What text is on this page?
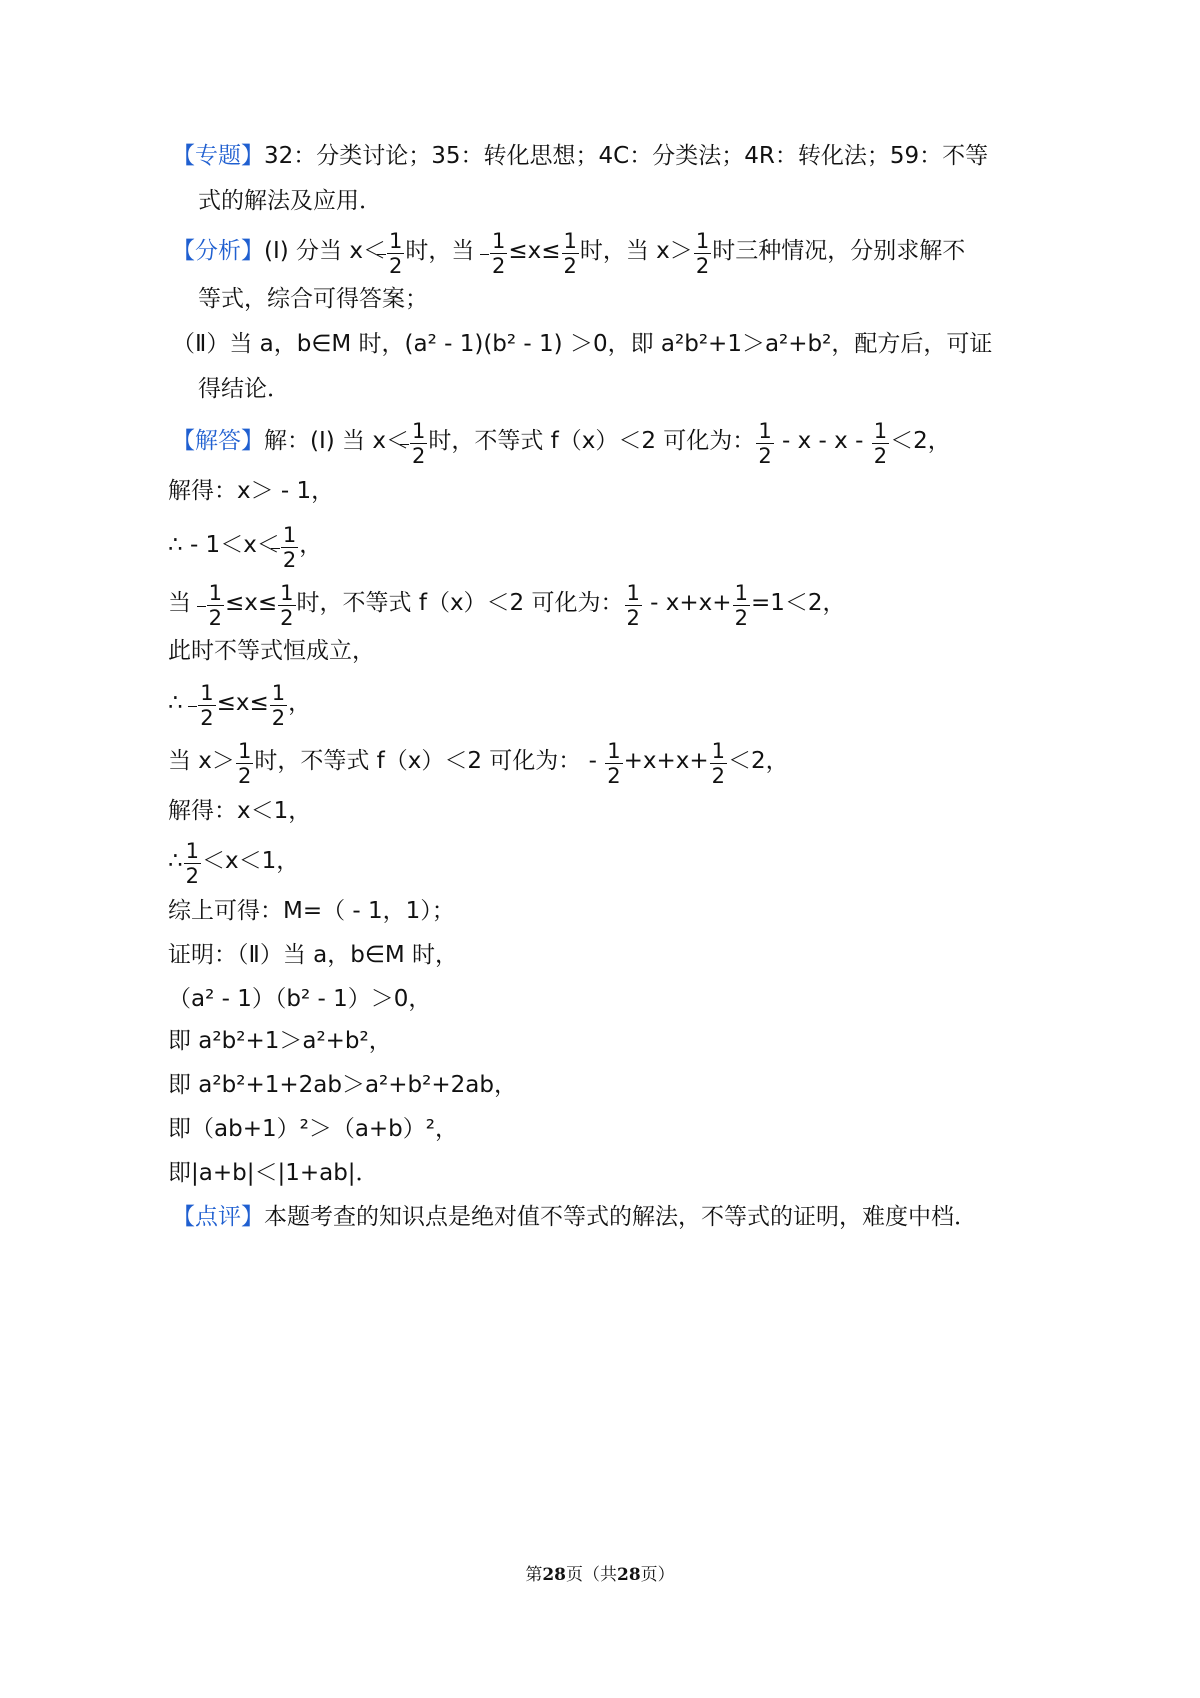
【专题】32：分类讨论；35：转化思想；4C：分类法；4R：转化法；59：不等
式的解法及应用．
【分析】(Ⅰ) 分当 $x< \frac{1}{2}$ 时，当 $\frac{1}{2} \le x\le \frac{1}{2}$ 时，当 $x> \frac{1}{2}$ 时三种情况，分别求解不
等式，综合可得答案；
（Ⅱ）当 a，b∈M 时，(a² - 1)(b² - 1) ＞0，即 a²b²+1＞a²+b²，配方后，可证
得结论．
【解答】解：(Ⅰ) 当 $x< \frac{1}{2}$ 时，不等式 f（x）＜2 可化为： $\frac{1}{2} - x - x - \frac{1}{2} <2$，
解得：x＞ - 1，
∴ - $1<x< \frac{1}{2}$ ，
当 $\frac{1}{2} \le x\le \frac{1}{2}$ 时，不等式 f（x）＜2 可化为： $\frac{1}{2} - x+x+ \frac{1}{2} =1<2$，
此时不等式恒成立，
∴ $\frac{1}{2} \le x\le \frac{1}{2}$ ，
当 $x> \frac{1}{2}$ 时，不等式 f（x）＜2 可化为： - $\frac{1}{2} +x+x+ \frac{1}{2} <2$，
解得：x＜1，
∴ $\frac{1}{2} <x<1$，
综上可得：M=（ - 1，1）；
证明：（Ⅱ）当 a，b∈M 时，
（a² - 1）（b² - 1）＞0，
即 a²b²+1＞a²+b²，
即 a²b²+1+2ab＞a²+b²+2ab，
即（ab+1）²＞（a+b）²，
即|a+b|＜|1+ab|．
【点评】本题考查的知识点是绝对值不等式的解法，不等式的证明，难度中档．
第28页（共28页）
